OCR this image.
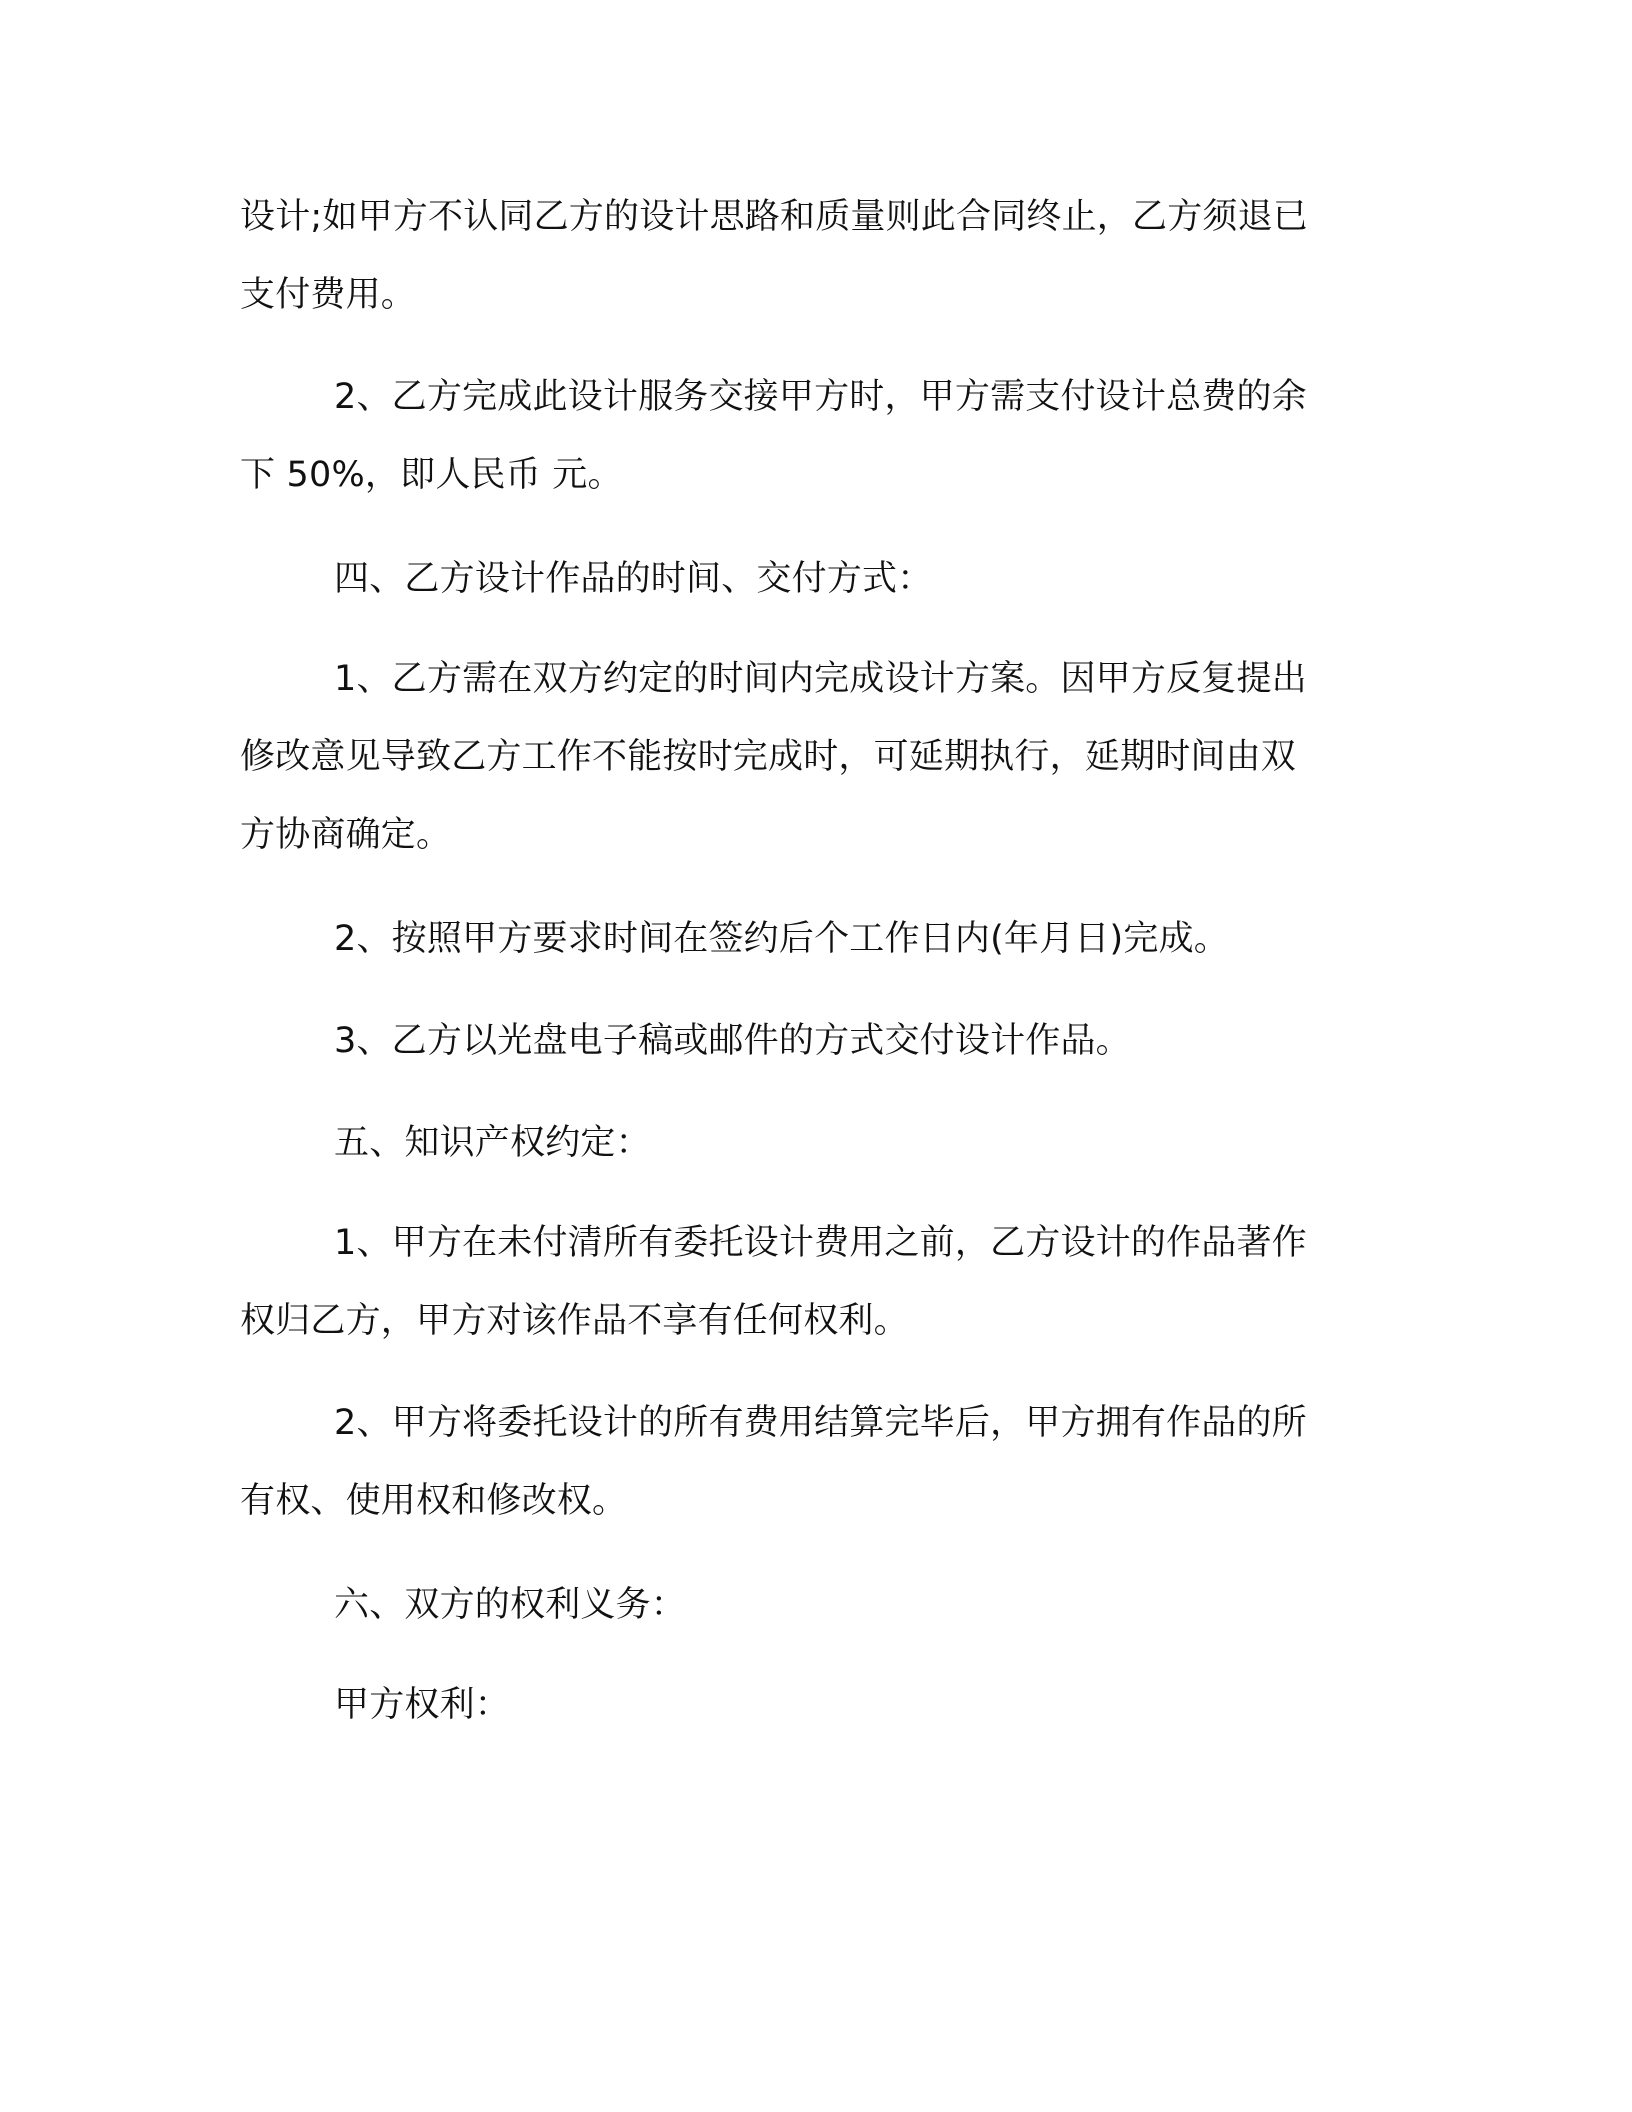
设计;如甲方不认同乙方的设计思路和质量则此合同终止，乙方须退已
支付费用。

2、乙方完成此设计服务交接甲方时，甲方需支付设计总费的余
下 50%，即人民币 元。

四、乙方设计作品的时间、交付方式：

1、乙方需在双方约定的时间内完成设计方案。因甲方反复提出
修改意见导致乙方工作不能按时完成时，可延期执行，延期时间由双
方协商确定。

2、按照甲方要求时间在签约后个工作日内(年月日)完成。

3、乙方以光盘电子稿或邮件的方式交付设计作品。

五、知识产权约定：

1、甲方在未付清所有委托设计费用之前，乙方设计的作品著作
权归乙方，甲方对该作品不享有任何权利。

2、甲方将委托设计的所有费用结算完毕后，甲方拥有作品的所
有权、使用权和修改权。

六、双方的权利义务：

甲方权利：
